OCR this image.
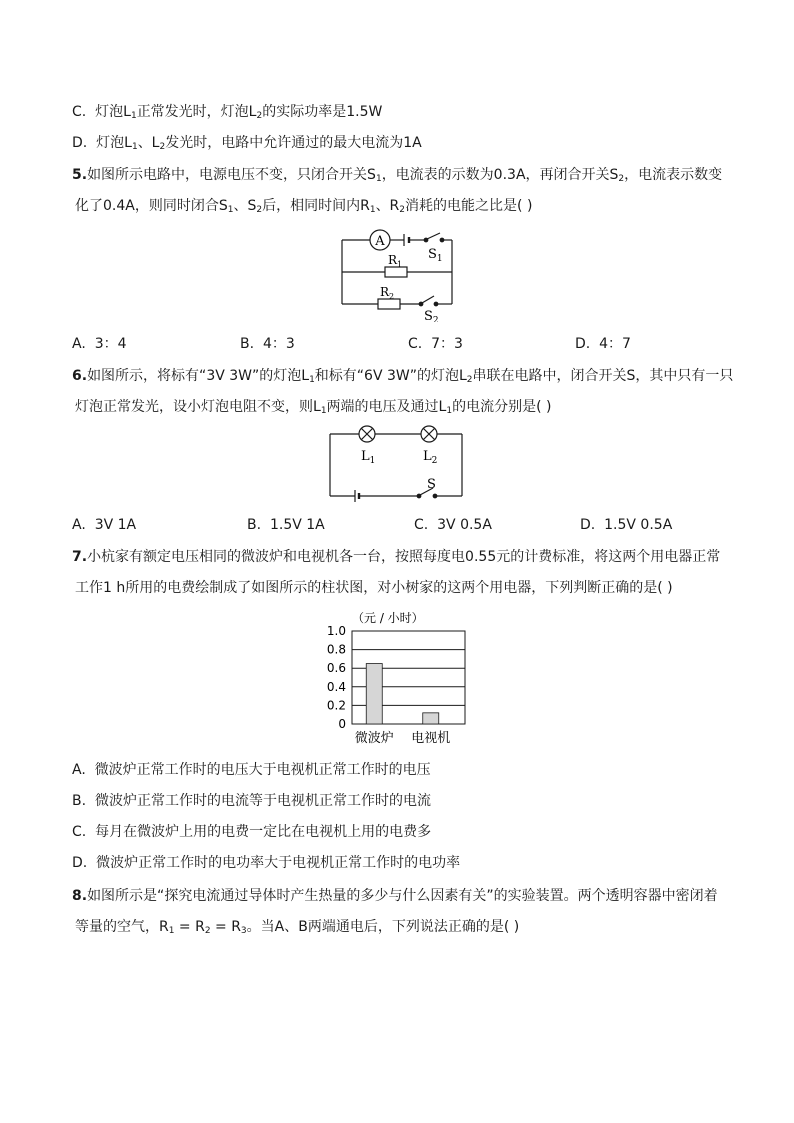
C. 灯泡$L_1$正常发光时，灯泡$L_2$的实际功率是1.5W
D. 灯泡$L_1$、$L_2$发光时，电路中允许通过的最大电流为1A
5.如图所示电路中，电源电压不变，只闭合开关$S_1$，电流表的示数为0.3A，再闭合开关$S_2$，电流表示数变
化了0.4A，则同时闭合$S_1$、$S_2$后，相同时间内$R_1$、$R_2$消耗的电能之比是( )
A
$S_1$
$R_1$
$R_2$
$S_2$
A. 3：4	B. 4：3	C. 7：3	D. 4：7
6.如图所示，将标有“3V 3W”的灯泡$L_1$和标有“6V 3W”的灯泡$L_2$串联在电路中，闭合开关S，其中只有一只
灯泡正常发光，设小灯泡电阻不变，则$L_1$两端的电压及通过$L_1$的电流分别是( )
$L_1$	$L_2$
S
A. 3V 1A	B. 1.5V 1A	C. 3V 0.5A	D. 1.5V 0.5A
7.小杭家有额定电压相同的微波炉和电视机各一台，按照每度电0.55元的计费标准，将这两个用电器正常
工作1 h所用的电费绘制成了如图所示的柱状图，对小树家的这两个用电器，下列判断正确的是( )
（元 / 小时）
1.0
0.8
0.6
0.4
0.2
0
微波炉 电视机
A. 微波炉正常工作时的电压大于电视机正常工作时的电压
B. 微波炉正常工作时的电流等于电视机正常工作时的电流
C. 每月在微波炉上用的电费一定比在电视机上用的电费多
D. 微波炉正常工作时的电功率大于电视机正常工作时的电功率
8.如图所示是“探究电流通过导体时产生热量的多少与什么因素有关”的实验装置。两个透明容器中密闭着
等量的空气，$R_1 = R_2 = R_3$。当A、B两端通电后，下列说法正确的是( )
